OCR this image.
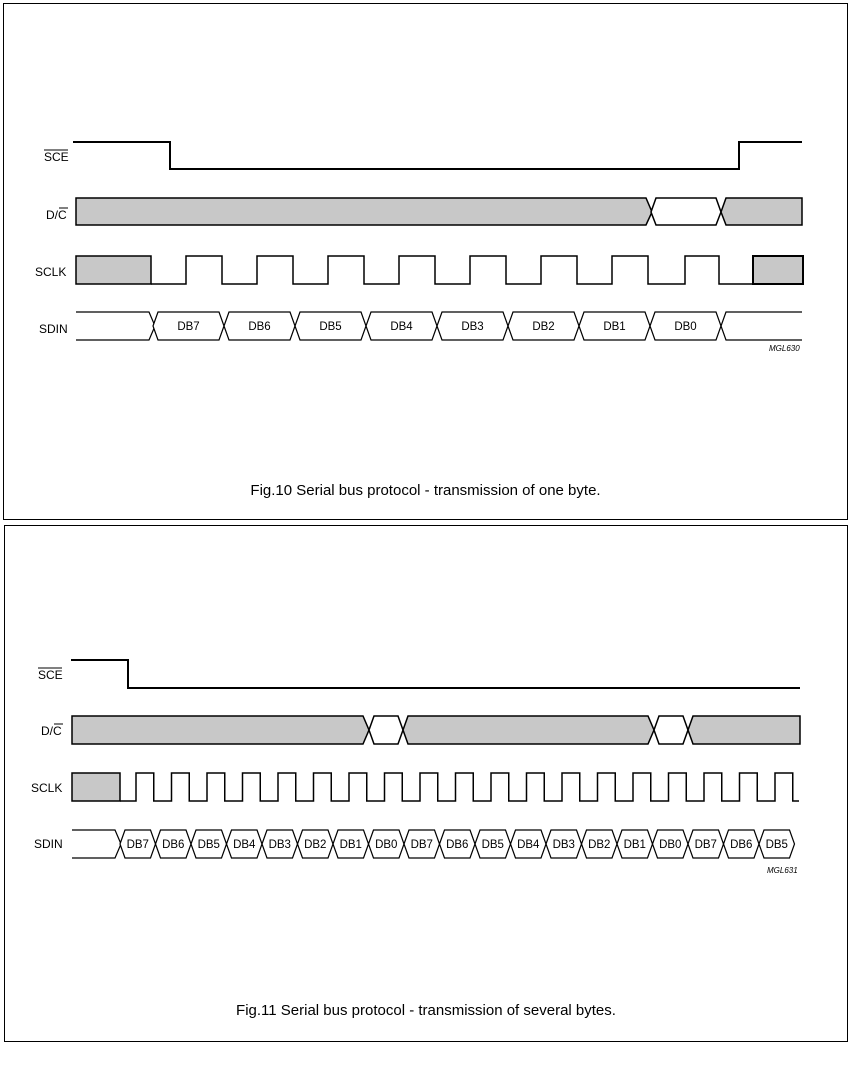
SCE
D/C
SCLK
SDIN	DB7	DB6	DB5	DB4	DB3	DB2	DB1	DB0
MGL630
Fig.10 Serial bus protocol - transmission of one byte.
SCE
D/C
SCLK
SDIN	DB7 DB6 DB5 DB4 DB3 DB2 DB1 DB0 DB7 DB6 DB5 DB4 DB3 DB2 DB1 DB0 DB7 DB6 DB5
MGL631
Fig.11 Serial bus protocol - transmission of several bytes.
